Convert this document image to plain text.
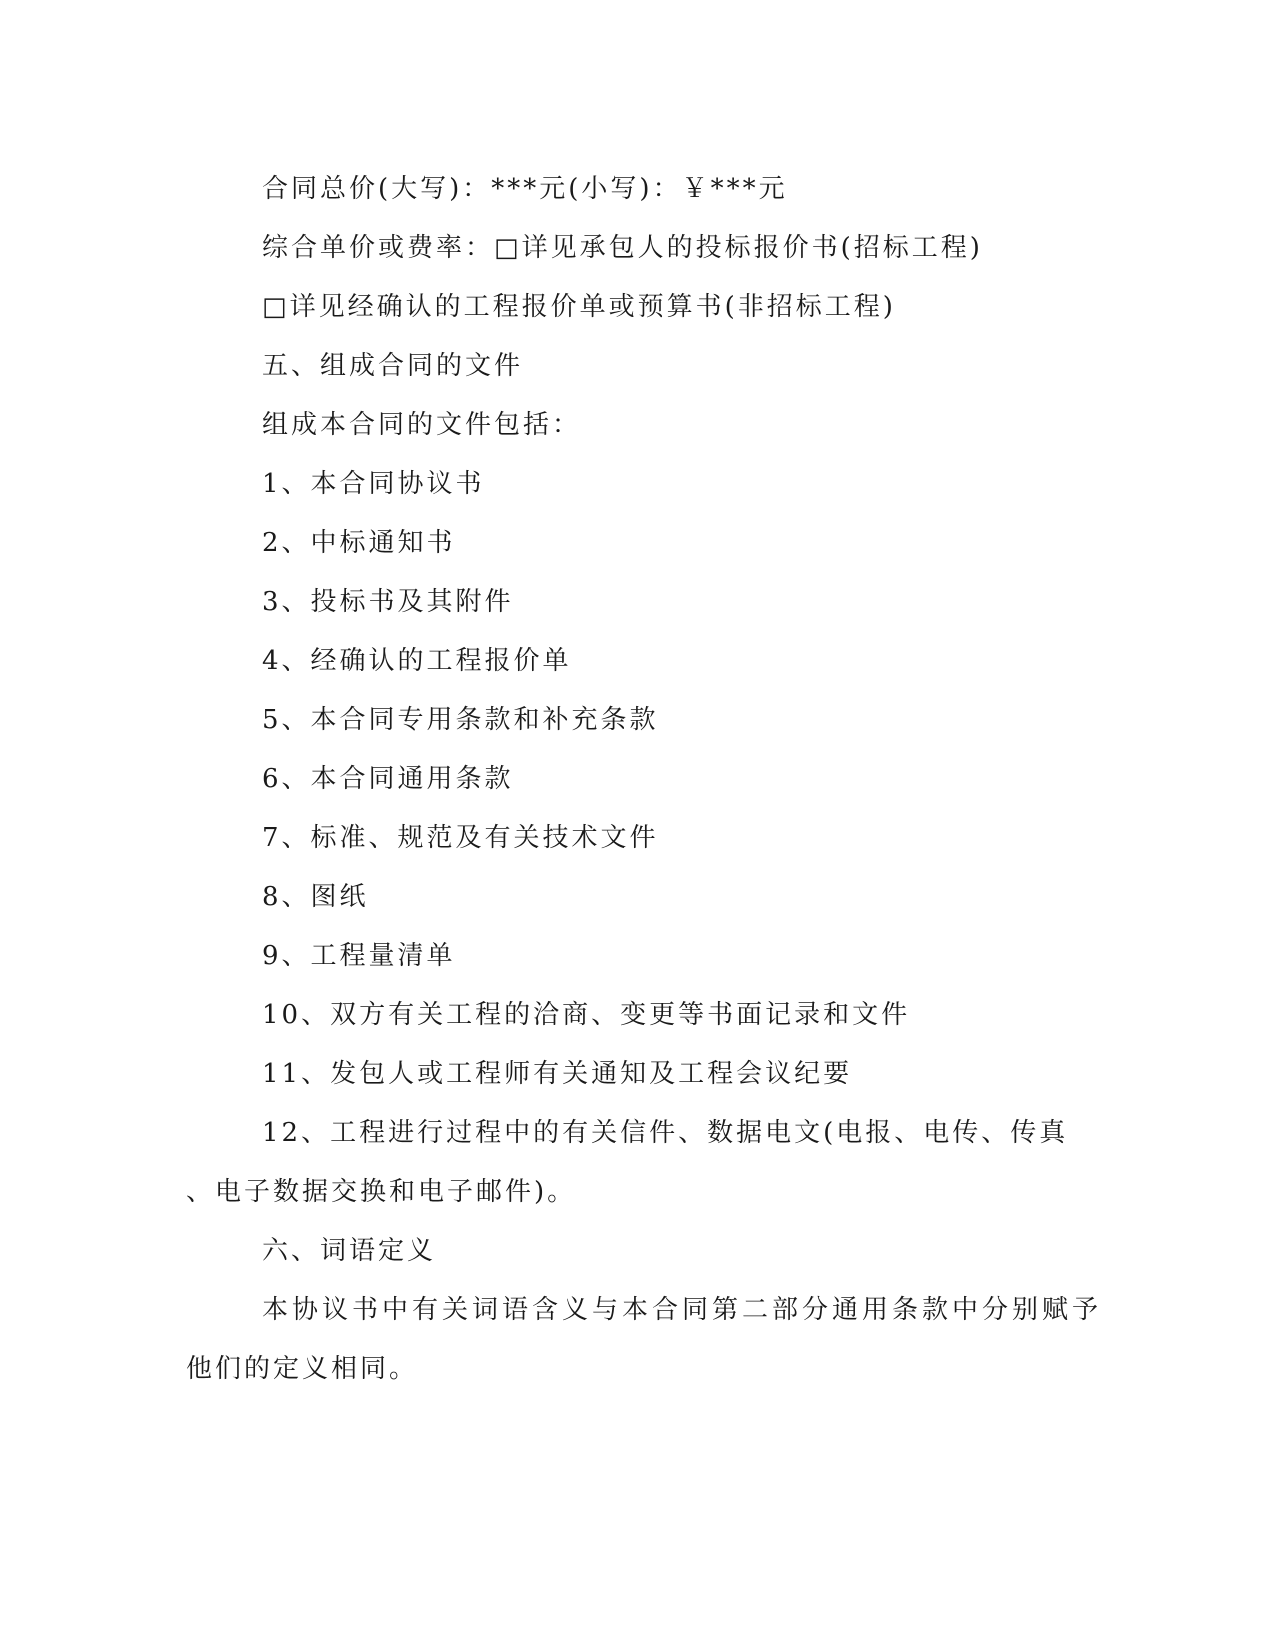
合同总价(大写)：***元(小写)：￥***元

综合单价或费率：□详见承包人的投标报价书(招标工程)

□详见经确认的工程报价单或预算书(非招标工程)

五、组成合同的文件

组成本合同的文件包括：

1、本合同协议书

2、中标通知书

3、投标书及其附件

4、经确认的工程报价单

5、本合同专用条款和补充条款

6、本合同通用条款

7、标准、规范及有关技术文件

8、图纸

9、工程量清单

10、双方有关工程的洽商、变更等书面记录和文件

11、发包人或工程师有关通知及工程会议纪要

12、工程进行过程中的有关信件、数据电文(电报、电传、传真

、电子数据交换和电子邮件)。

六、词语定义

本协议书中有关词语含义与本合同第二部分通用条款中分别赋予

他们的定义相同。
